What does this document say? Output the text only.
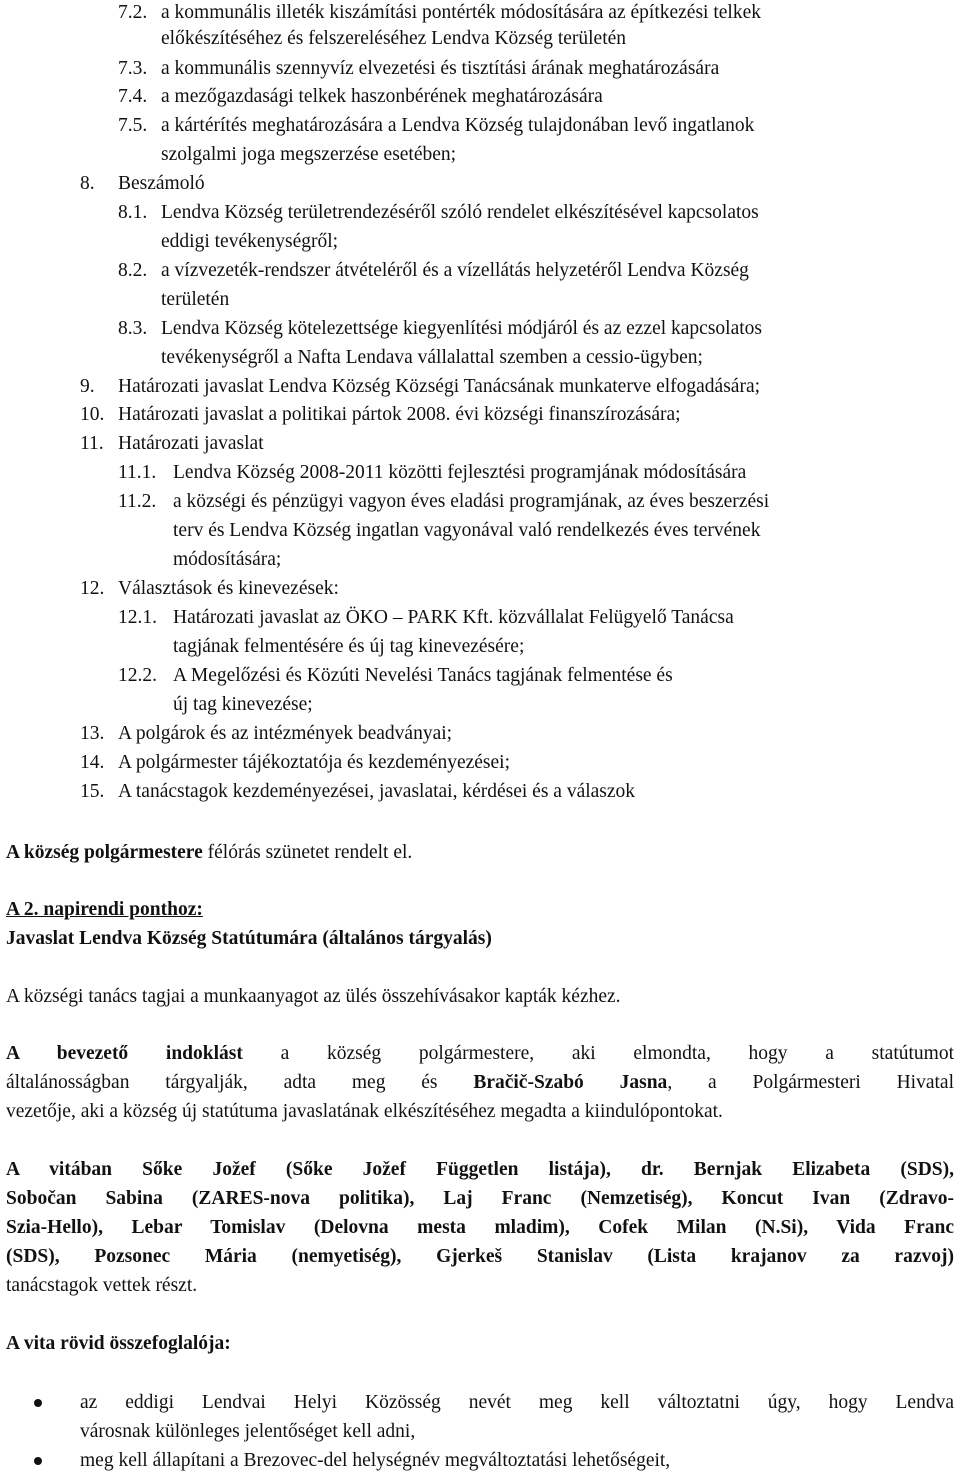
7.2. a kommunális illeték kiszámítási pontérték módosítására az építkezési telkek
előkészítéséhez és felszereléséhez Lendva Község területén
7.3. a kommunális szennyvíz elvezetési és tisztítási árának meghatározására
7.4. a mezőgazdasági telkek haszonbérének meghatározására
7.5. a kártérítés meghatározására a Lendva Község tulajdonában levő ingatlanok
szolgalmi joga megszerzése esetében;
8. Beszámoló
8.1. Lendva Község területrendezéséről szóló rendelet elkészítésével kapcsolatos
eddigi tevékenységről;
8.2. a vízvezeték-rendszer átvételéről és a vízellátás helyzetéről Lendva Község
területén
8.3. Lendva Község kötelezettsége kiegyenlítési módjáról és az ezzel kapcsolatos
tevékenységről a Nafta Lendava vállalattal szemben a cessio-ügyben;
9. Határozati javaslat Lendva Község Községi Tanácsának munkaterve elfogadására;
10. Határozati javaslat a politikai pártok 2008. évi községi finanszírozására;
11. Határozati javaslat
11.1. Lendva Község 2008-2011 közötti fejlesztési programjának módosítására
11.2. a községi és pénzügyi vagyon éves eladási programjának, az éves beszerzési
terv és Lendva Község ingatlan vagyonával való rendelkezés éves tervének
módosítására;
12. Választások és kinevezések:
12.1. Határozati javaslat az ÖKO – PARK Kft. közvállalat Felügyelő Tanácsa
tagjának felmentésére és új tag kinevezésére;
12.2. A Megelőzési és Közúti Nevelési Tanács tagjának felmentése és
új tag kinevezése;
13. A polgárok és az intézmények beadványai;
14. A polgármester tájékoztatója és kezdeményezései;
15. A tanácstagok kezdeményezései, javaslatai, kérdései és a válaszok
A község polgármestere félórás szünetet rendelt el.
A 2. napirendi ponthoz:
Javaslat Lendva Község Statútumára (általános tárgyalás)
A községi tanács tagjai a munkaanyagot az ülés összehívásakor kapták kézhez.
A bevezető indoklást a község polgármestere, aki elmondta, hogy a statútumot
általánosságban tárgyalják, adta meg és Bračič-Szabó Jasna, a Polgármesteri Hivatal
vezetője, aki a község új statútuma javaslatának elkészítéséhez megadta a kiindulópontokat.
A vitában Sőke Jožef (Sőke Jožef Független listája), dr. Bernjak Elizabeta (SDS),
Sobočan Sabina (ZARES-nova politika), Laj Franc (Nemzetiség), Koncut Ivan (Zdravo-
Szia-Hello), Lebar Tomislav (Delovna mesta mladim), Cofek Milan (N.Si), Vida Franc
(SDS), Pozsonec Mária (nemyetiség), Gjerkeš Stanislav (Lista krajanov za razvoj)
tanácstagok vettek részt.
A vita rövid összefoglalója:
az eddigi Lendvai Helyi Közösség nevét meg kell változtatni úgy, hogy Lendva
városnak különleges jelentőséget kell adni,
meg kell állapítani a Brezovec-del helységnév megváltoztatási lehetőségeit,
